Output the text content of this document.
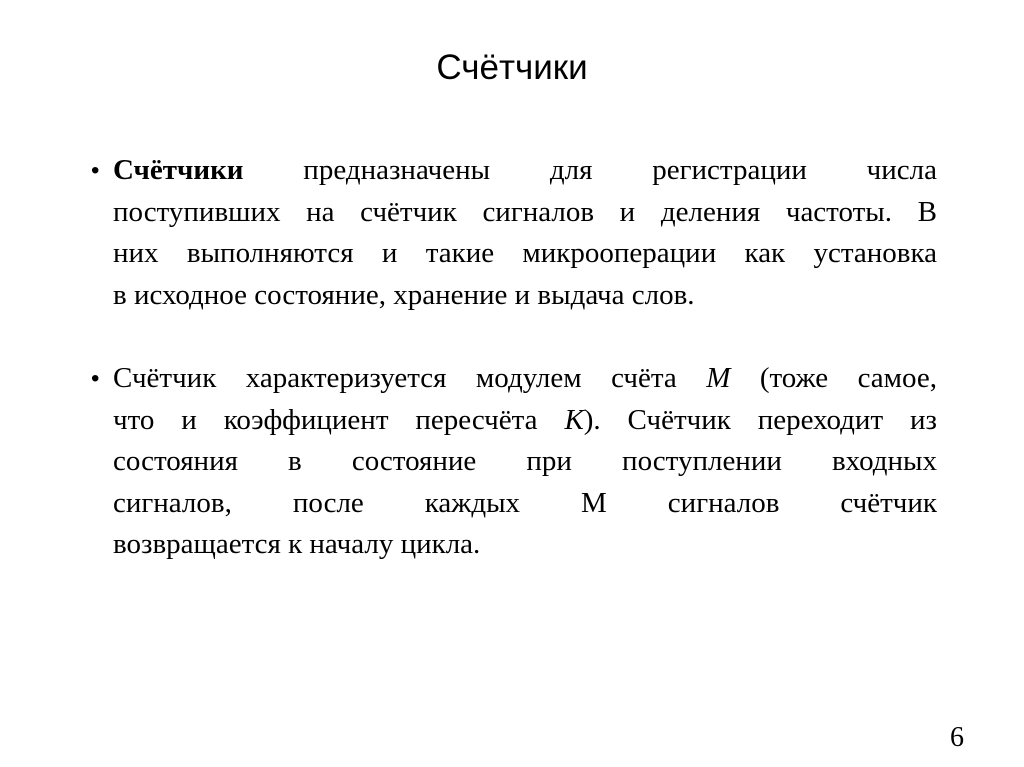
Счётчики
• Счётчики предназначены для регистрации числа
поступивших на счётчик сигналов и деления частоты. В
них выполняются и такие микрооперации как установка
в исходное состояние, хранение и выдача слов.
• Счётчик характеризуется модулем счёта М (тоже самое,
что и коэффициент пересчёта К). Счётчик переходит из
состояния в состояние при поступлении входных
сигналов, после каждых М сигналов счётчик
возвращается к началу цикла.
6
